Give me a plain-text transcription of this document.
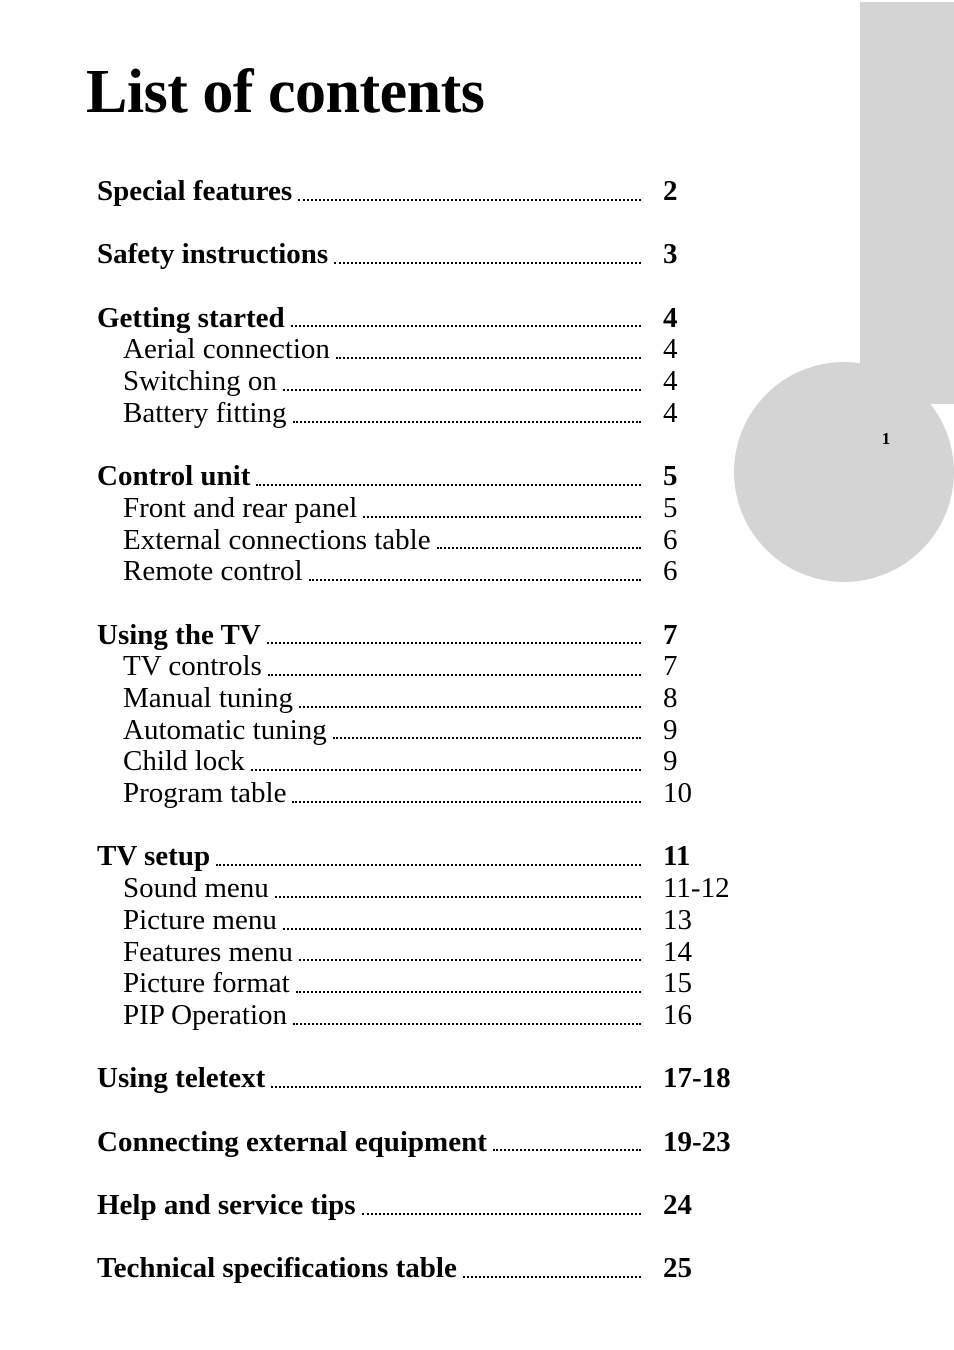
1
List of contents
Special features	2
Safety instructions	3
Getting started	4
Aerial connection	4
Switching on	4
Battery fitting	4
Control unit	5
Front and rear panel	5
External connections table	6
Remote control	6
Using the TV	7
TV controls	7
Manual tuning	8
Automatic tuning	9
Child lock	9
Program table	10
TV setup	11
Sound menu	11-12
Picture menu	13
Features menu	14
Picture format	15
PIP Operation	16
Using teletext	17-18
Connecting external equipment	19-23
Help and service tips	24
Technical specifications table	25
